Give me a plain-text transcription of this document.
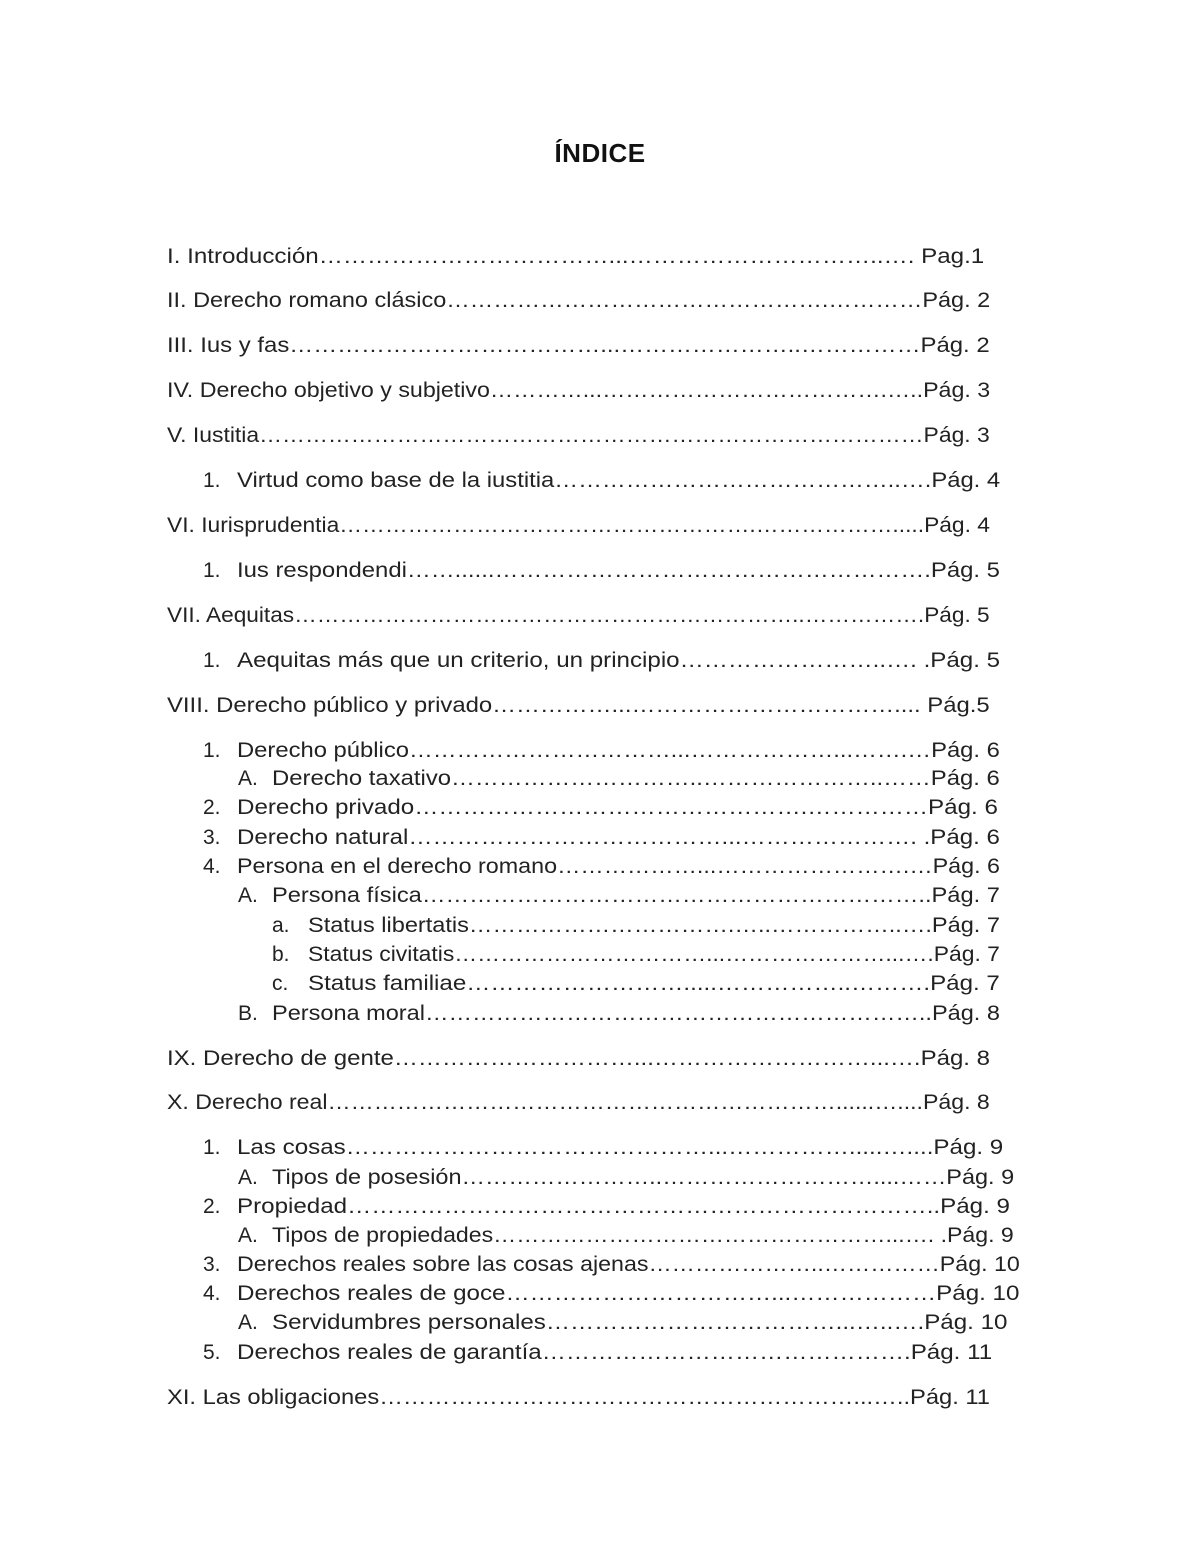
ÍNDICE
I. Introducción………………………………...…………………………..…. Pag.1
II. Derecho romano clásico………………………………………….…………Pág. 2
III. Ius y fas…………………………………...…………………..……………Pág. 2
IV. Derecho objetivo y subjetivo…………...……………………………….…..Pág. 3
V. Iustitia……………………………………………………………………………Pág. 3
1. Virtud como base de la iustitia……………………………………..….Pág. 4
VI. Iurisprudentia……………………………………………….……………….....Pág. 4
1. Ius respondendi……......……………………………………………….Pág. 5
VII. Aequitas…………………………………………………………..…………….Pág. 5
1. Aequitas más que un criterio, un principio……………………..…. .Pág. 5
VIII. Derecho público y privado……………...…………………………….... Pág.5
1. Derecho público……………………………...………………...…….…Pág. 6
A. Derecho taxativo…………………………..…………………..……Pág. 6
2. Derecho privado………………………………………….……………Pág. 6
3. Derecho natural…………………………………...…………………. .Pág. 6
4. Persona en el derecho romano………………...…………………….…Pág. 6
A. Persona física………………………………………………………..Pág. 7
a. Status libertatis…………………………….…..……………..….Pág. 7
b. Status civitatis……………………………...…………………...….Pág. 7
c. Status familiae……………………….....……………..……….Pág. 7
B. Persona moral………………………………………………………..Pág. 8
IX. Derecho de gente…………………………...………………………...….Pág. 8
X. Derecho real…………………………………………………………......…....Pág. 8
1. Las cosas………………………………………...…………….....…....Pág. 9
A. Tipos de posesión……………………..………………………....……Pág. 9
2. Propiedad………………………………………………………………..Pág. 9
A. Tipos de propiedades……………………………………………...…. .Pág. 9
3. Derechos reales sobre las cosas ajenas…………………..……………Pág. 10
4. Derechos reales de goce……………………………...………………Pág. 10
A. Servidumbres personales………………………………...…..….Pág. 10
5. Derechos reales de garantía……………………………………….Pág. 11
XI. Las obligaciones……………………………………………………...…..Pág. 11
